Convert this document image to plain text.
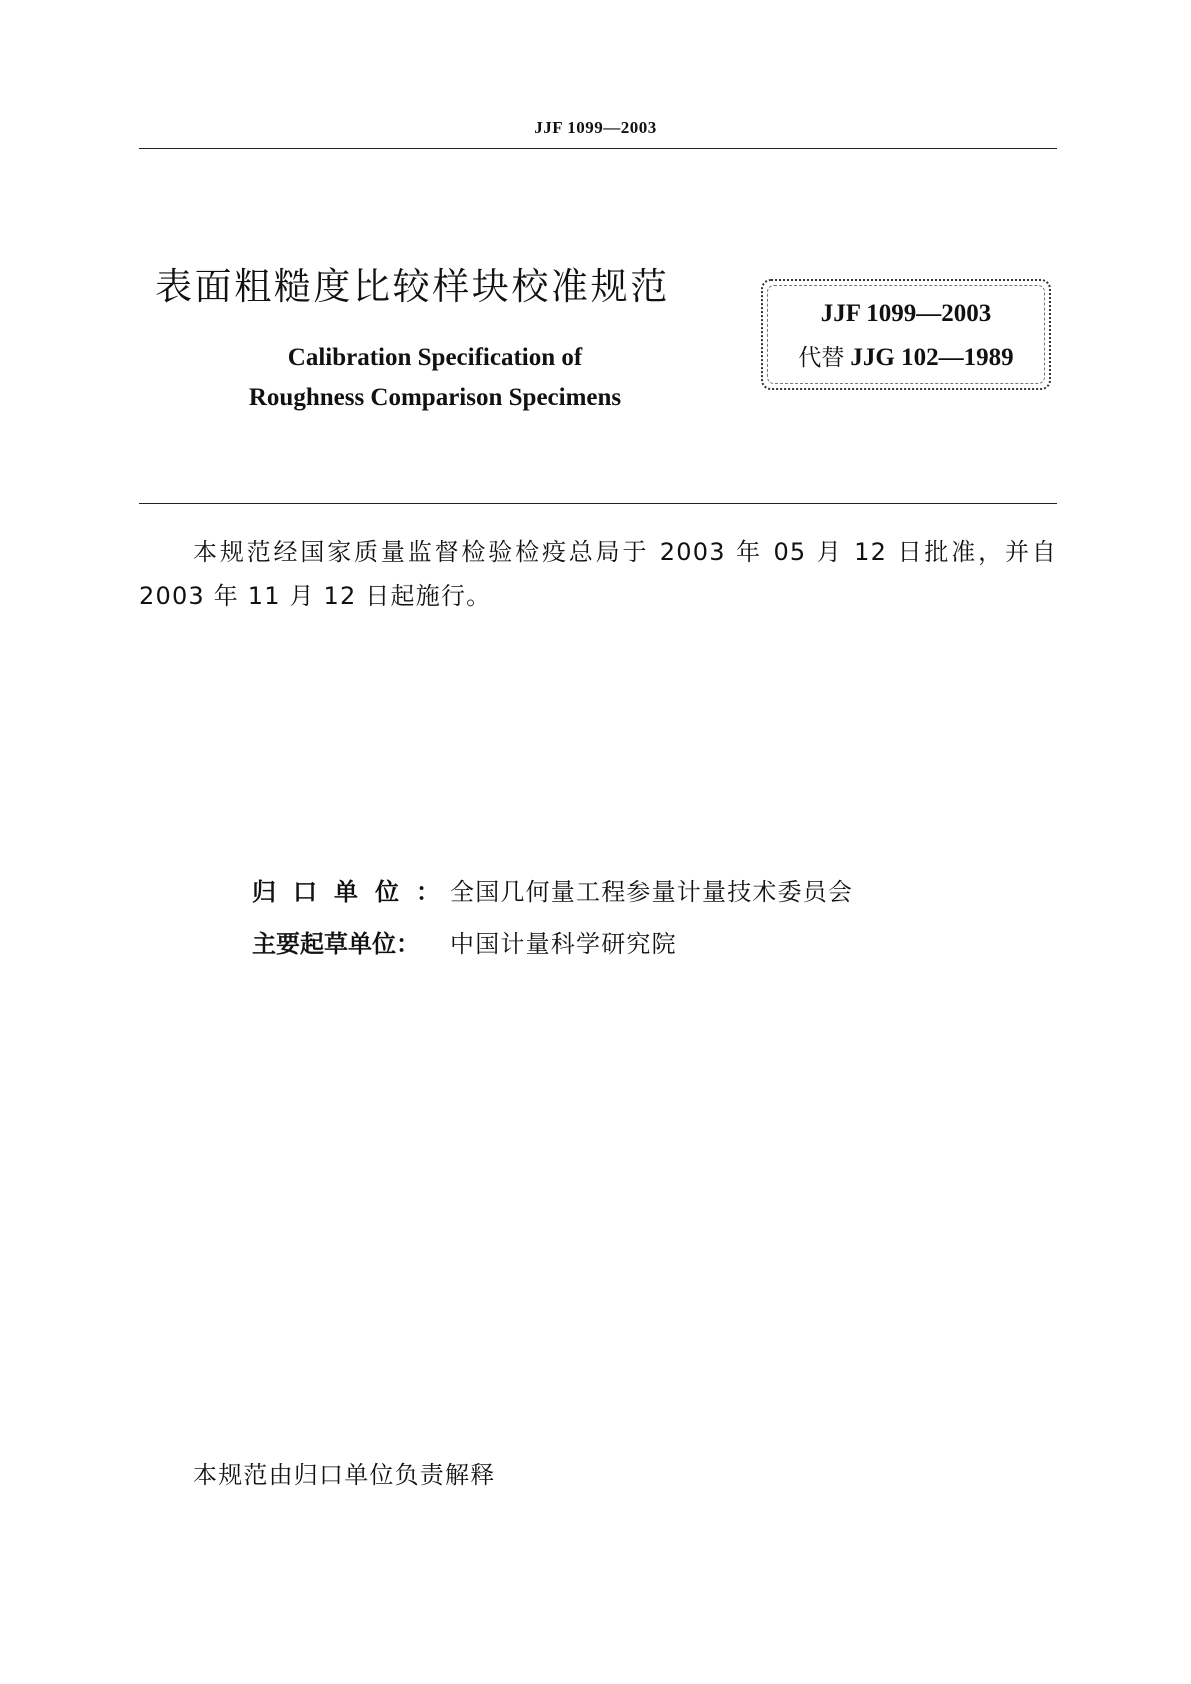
JJF 1099—2003
表面粗糙度比较样块校准规范
Calibration Specification of
Roughness Comparison Specimens
JJF 1099—2003
代替 JJG 102—1989
本规范经国家质量监督检验检疫总局于 2003 年 05 月 12 日批准，并自 2003 年 11 月 12 日起施行。
归口单位：全国几何量工程参量计量技术委员会
主要起草单位： 中国计量科学研究院
本规范由归口单位负责解释
